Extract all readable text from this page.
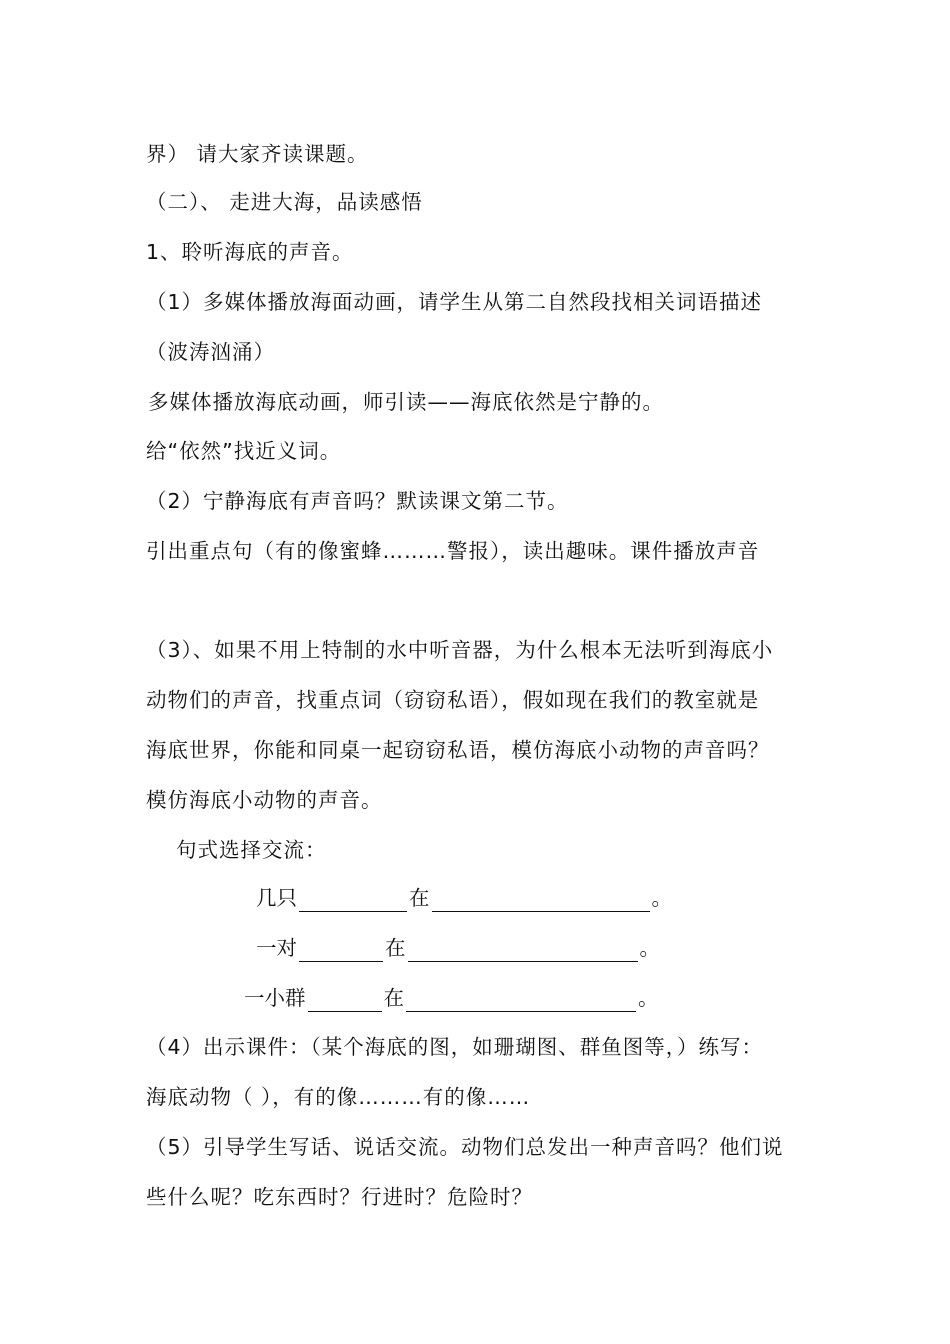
界） 请大家齐读课题。
（二）、 走进大海，品读感悟
1、聆听海底的声音。
（1）多媒体播放海面动画，请学生从第二自然段找相关词语描述
（波涛汹涌）
多媒体播放海底动画，师引读——海底依然是宁静的。
给“依然”找近义词。
（2）宁静海底有声音吗？默读课文第二节。
引出重点句（有的像蜜蜂………警报），读出趣味。课件播放声音
（3）、如果不用上特制的水中听音器，为什么根本无法听到海底小
动物们的声音，找重点词（窃窃私语），假如现在我们的教室就是
海底世界，你能和同桌一起窃窃私语，模仿海底小动物的声音吗？
模仿海底小动物的声音。
句式选择交流：
几只	在	。
一对	在	。
一小群	在	。
（4）出示课件：（某个海底的图，如珊瑚图、群鱼图等，）练写：
海底动物（ ），有的像………有的像……
（5）引导学生写话、说话交流。动物们总发出一种声音吗？他们说
些什么呢？吃东西时？行进时？危险时？
